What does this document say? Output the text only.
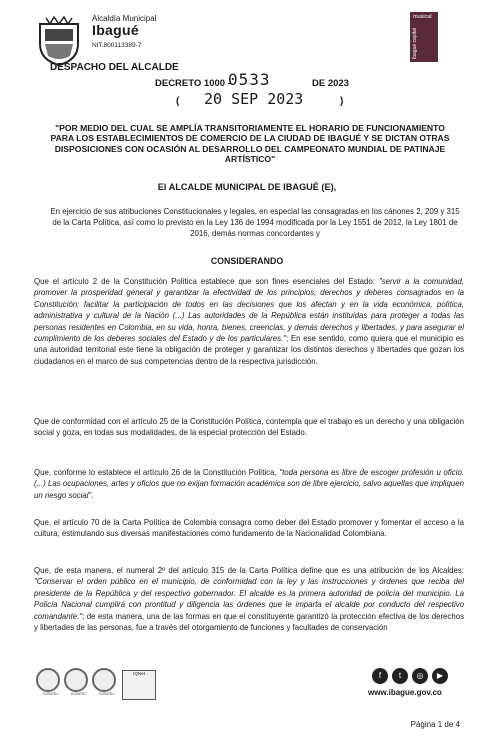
Alcaldía Municipal
Ibagué
NIT.800113389-7
musical
Ibagué capital
DESPACHO DEL ALCALDE
DECRETO 1000 -
0533	DE 2023
( 20 SEP 2023	)
"POR MEDIO DEL CUAL SE AMPLÍA TRANSITORIAMENTE EL HORARIO DE FUNCIONAMIENTO PARA LOS ESTABLECIMIENTOS DE COMERCIO DE LA CIUDAD DE IBAGUÉ Y SE DICTAN OTRAS DISPOSICIONES CON OCASIÓN AL DESARROLLO DEL CAMPEONATO MUNDIAL DE PATINAJE ARTÍSTICO"
El ALCALDE MUNICIPAL DE IBAGUÉ (E),
En ejercicio de sus atribuciones Constitucionales y legales, en especial las consagradas en los cánones 2, 209 y 315 de la Carta Política, así como lo previsto en la Ley 136 de 1994 modificada por la Ley 1551 de 2012, la Ley 1801 de 2016, demás normas concordantes y
CONSIDERANDO
Que el artículo 2 de la Constitución Política establece que son fines esenciales del Estado: "servir a la comunidad, promover la prosperidad general y garantizar la efectividad de los principios, derechos y deberes consagrados en la Constitución; facilitar la participación de todos en las decisiones que los afectan y en la vida económica, política, administrativa y cultural de la Nación (...) Las autoridades de la República están instituidas para proteger a todas las personas residentes en Colombia, en su vida, honra, bienes, creencias, y demás derechos y libertades, y para asegurar el cumplimiento de los deberes sociales del Estado y de los particulares."; En ese sentido, como quiera que el municipio es una autoridad territorial este tiene la obligación de proteger y garantizar los distintos derechos y libertades que gozan los ciudadanos en el marco de sus competencias dentro de la respectiva jurisdicción.
Que de conformidad con el artículo 25 de la Constitución Política, contempla que el trabajo es un derecho y una obligación social y goza, en todas sus modalidades, de la especial protección del Estado.
Que, conforme lo establece el artículo 26 de la Constitución Política, "toda persona es libre de escoger profesión u oficio. (...) Las ocupaciones, artes y oficios que no exijan formación académica son de libre ejercicio, salvo aquellas que impliquen un riesgo social".
Que, el artículo 70 de la Carta Política de Colombia consagra como deber del Estado promover y fomentar el acceso a la cultura, estimulando sus diversas manifestaciones como fundamento de la Nacionalidad Colombiana.
Que, de esta manera, el numeral 2º del artículo 315 de la Carta Política define que es una atribución de los Alcaldes: "Conservar el orden público en el municipio, de conformidad con la ley y las instrucciones y órdenes que reciba del presidente de la República y del respectivo gobernador. El alcalde es la primera autoridad de policía del municipio. La Policía Nacional cumplirá con prontitud y diligencia las órdenes que le imparta el alcalde por conducto del respectivo comandante."; de esta manera, una de las formas en que el constituyente garantizó la protección efectiva de los derechos y libertades de las personas, fue a través del otorgamiento de funciones y facultades de conservación
ICONTEC	ICONTEC	ICONTEC
IQNet	f	t	◎	▶
www.ibague.gov.co
Página 1 de 4
